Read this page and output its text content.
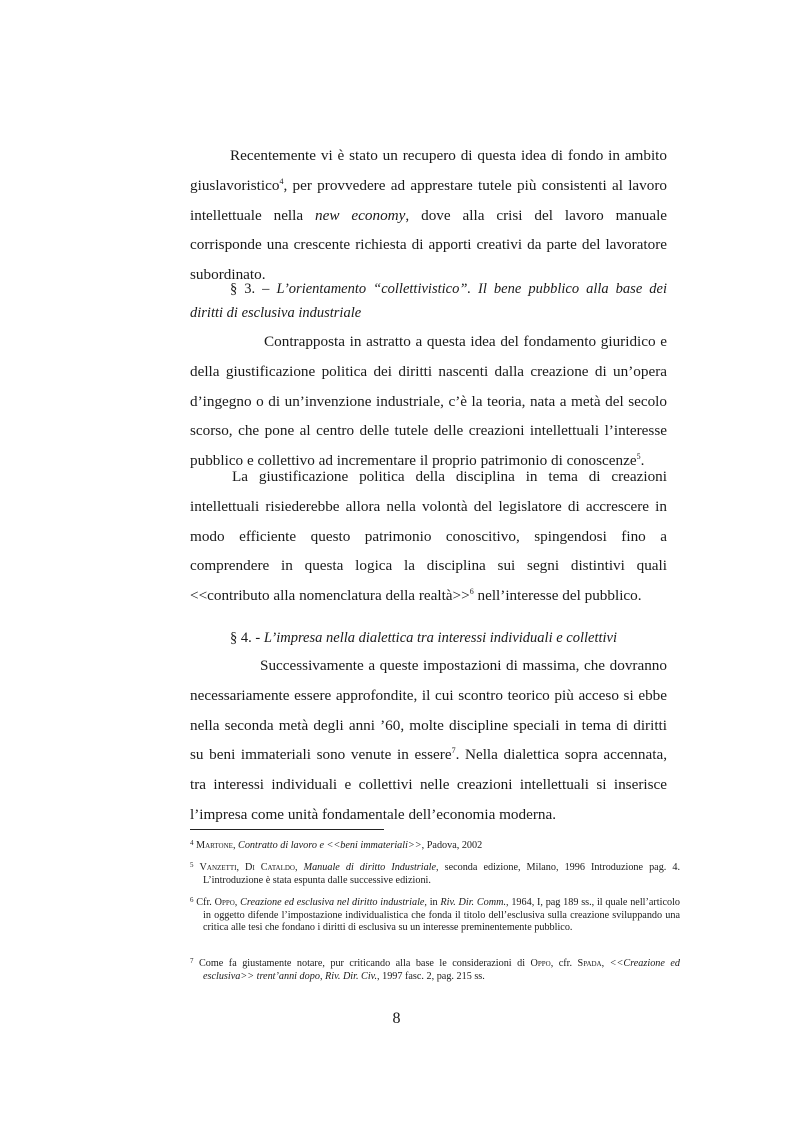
Recentemente vi è stato un recupero di questa idea di fondo in ambito giuslavoristico$^4$, per provvedere ad apprestare tutele più consistenti al lavoro intellettuale nella new economy, dove alla crisi del lavoro manuale corrisponde una crescente richiesta di apporti creativi da parte del lavoratore subordinato.

§ 3. – L’orientamento “collettivistico”. Il bene pubblico alla base dei diritti di esclusiva industriale

Contrapposta in astratto a questa idea del fondamento giuridico e della giustificazione politica dei diritti nascenti dalla creazione di un’opera d’ingegno o di un’invenzione industriale, c’è la teoria, nata a metà del secolo scorso, che pone al centro delle tutele delle creazioni intellettuali l’interesse pubblico e collettivo ad incrementare il proprio patrimonio di conoscenze$^5$.

La giustificazione politica della disciplina in tema di creazioni intellettuali risiederebbe allora nella volontà del legislatore di accrescere in modo efficiente questo patrimonio conoscitivo, spingendosi fino a comprendere in questa logica la disciplina sui segni distintivi quali <<contributo alla nomenclatura della realtà>>$^6$ nell’interesse del pubblico.

§ 4. - L’impresa nella dialettica tra interessi individuali e collettivi

Successivamente a queste impostazioni di massima, che dovranno necessariamente essere approfondite, il cui scontro teorico più acceso si ebbe nella seconda metà degli anni ’60, molte discipline speciali in tema di diritti su beni immateriali sono venute in essere$^7$. Nella dialettica sopra accennata, tra interessi individuali e collettivi nelle creazioni intellettuali si inserisce l’impresa come unità fondamentale dell’economia moderna.

$^4$ Martone, Contratto di lavoro e <<beni immateriali>>, Padova, 2002

$^5$ Vanzetti, Di Cataldo, Manuale di diritto Industriale, seconda edizione, Milano, 1996 Introduzione pag. 4. L’introduzione è stata espunta dalle successive edizioni.

$^6$ Cfr. Oppo, Creazione ed esclusiva nel diritto industriale, in Riv. Dir. Comm., 1964, I, pag 189 ss., il quale nell’articolo in oggetto difende l’impostazione individualistica che fonda il titolo dell’esclusiva sulla creazione sviluppando una critica alle tesi che fondano i diritti di esclusiva su un interesse preminentemente pubblico.

$^7$ Come fa giustamente notare, pur criticando alla base le considerazioni di Oppo, cfr. Spada, <<Creazione ed esclusiva>> trent’anni dopo, Riv. Dir. Civ., 1997 fasc. 2, pag. 215 ss.

8
